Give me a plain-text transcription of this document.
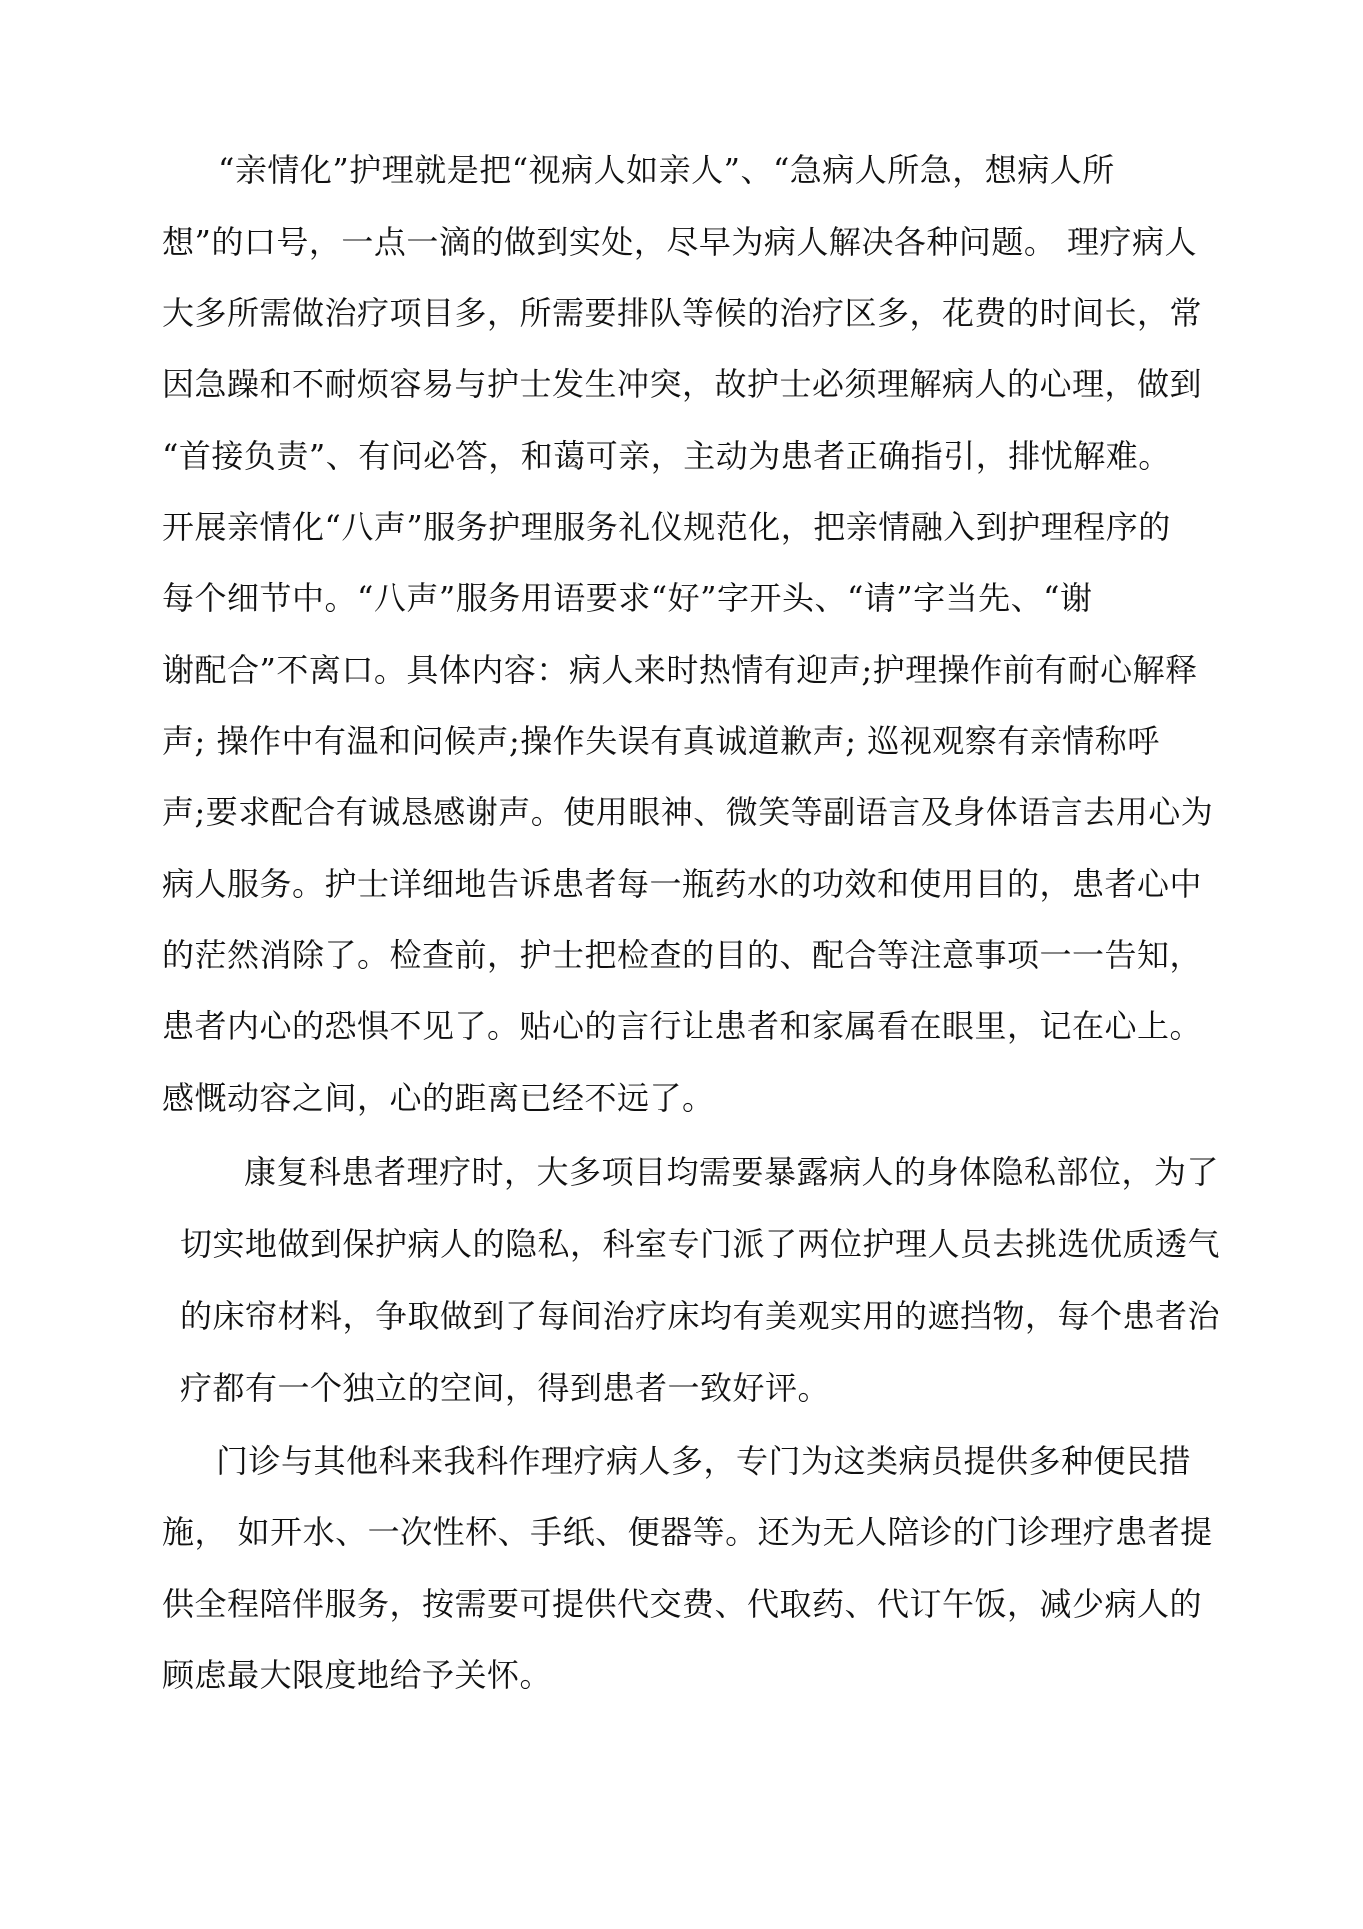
“亲情化”护理就是把“视病人如亲人”、“急病人所急，想病人所

想”的口号，一点一滴的做到实处，尽早为病人解决各种问题。 理疗病人

大多所需做治疗项目多，所需要排队等候的治疗区多，花费的时间长，常

因急躁和不耐烦容易与护士发生冲突，故护士必须理解病人的心理，做到

“首接负责”、有问必答，和蔼可亲，主动为患者正确指引，排忧解难。

开展亲情化“八声”服务护理服务礼仪规范化，把亲情融入到护理程序的

每个细节中。“八声”服务用语要求“好”字开头、“请”字当先、“谢

谢配合”不离口。具体内容：病人来时热情有迎声;护理操作前有耐心解释

声; 操作中有温和问候声;操作失误有真诚道歉声; 巡视观察有亲情称呼

声;要求配合有诚恳感谢声。使用眼神、微笑等副语言及身体语言去用心为

病人服务。护士详细地告诉患者每一瓶药水的功效和使用目的，患者心中

的茫然消除了。检查前，护士把检查的目的、配合等注意事项一一告知，

患者内心的恐惧不见了。贴心的言行让患者和家属看在眼里，记在心上。

感慨动容之间，心的距离已经不远了。

康复科患者理疗时，大多项目均需要暴露病人的身体隐私部位，为了

切实地做到保护病人的隐私，科室专门派了两位护理人员去挑选优质透气

的床帘材料，争取做到了每间治疗床均有美观实用的遮挡物，每个患者治

疗都有一个独立的空间，得到患者一致好评。

门诊与其他科来我科作理疗病人多，专门为这类病员提供多种便民措

施， 如开水、一次性杯、手纸、便器等。还为无人陪诊的门诊理疗患者提

供全程陪伴服务，按需要可提供代交费、代取药、代订午饭，减少病人的

顾虑最大限度地给予关怀。
